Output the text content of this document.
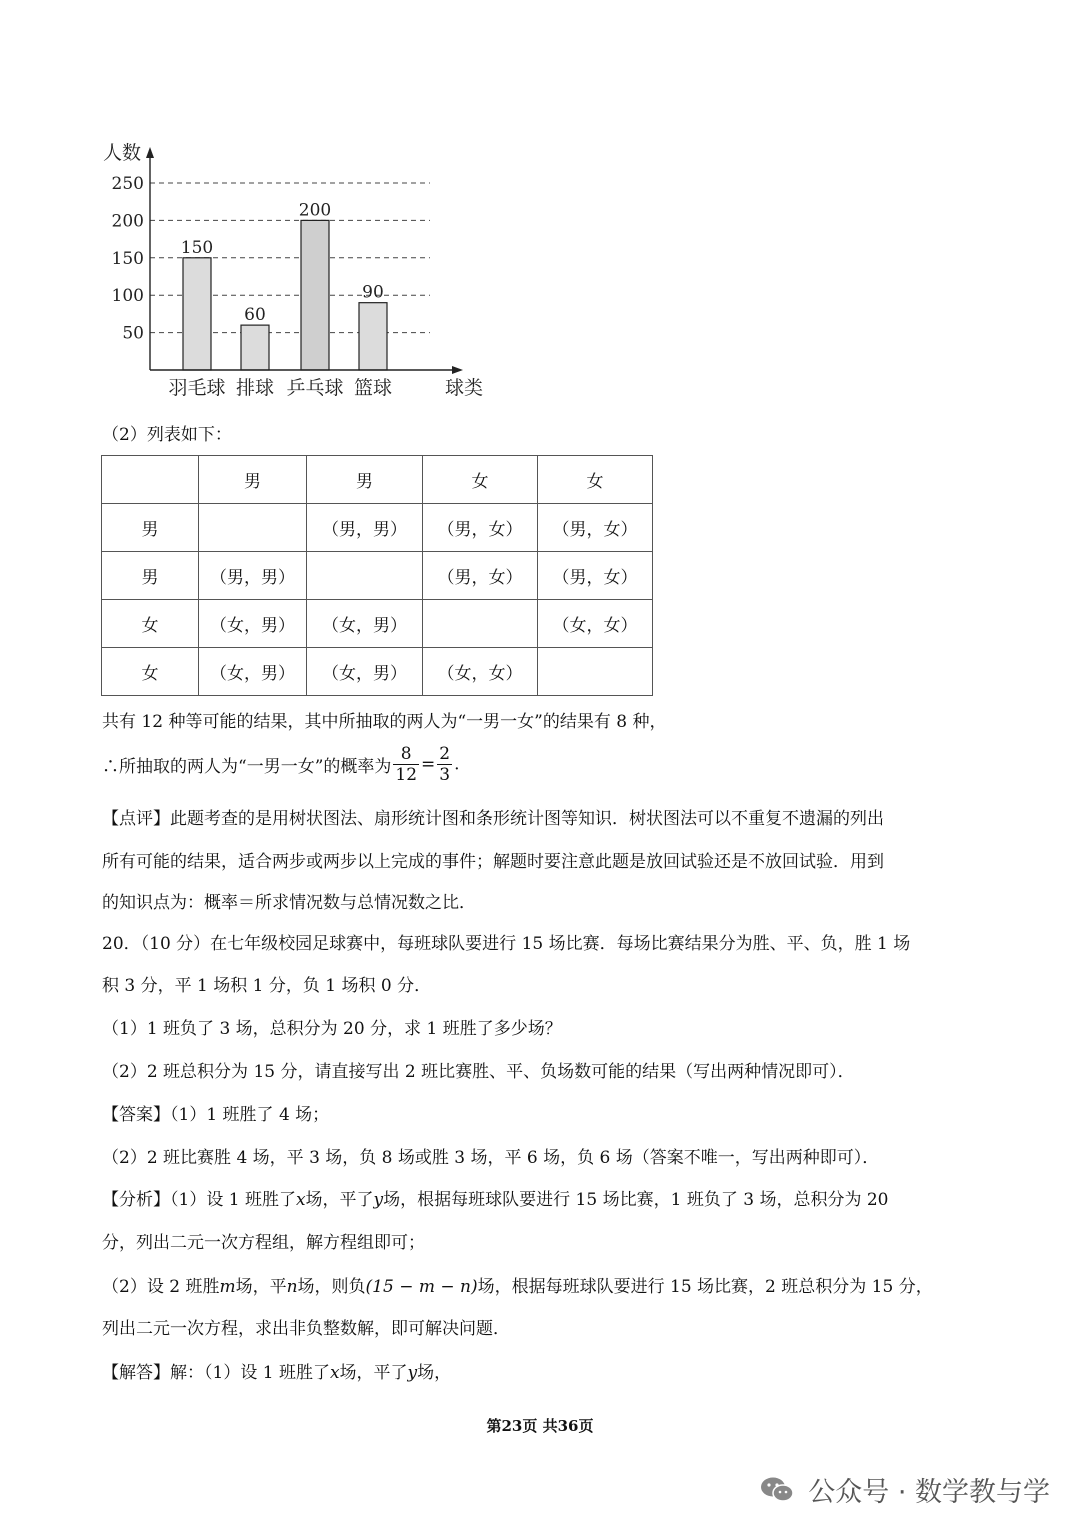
50
100
150
200
250
150
60
200
90
羽毛球 排球 乒乓球 篮球
人数
球类
（2）列表如下：
	男	男	女	女
男		（男，男）	（男，女）	（男，女）
男	（男，男）		（男，女）	（男，女）
女	（女，男）	（女，男）		（女，女）
女	（女，男）	（女，男）	（女，女）	
共有 12 种等可能的结果，其中所抽取的两人为“一男一女”的结果有 8 种，
∴所抽取的两人为“一男一女”的概率为 $\frac{8}{12} = \frac{2}{3}$ .
【点评】此题考查的是用树状图法、扇形统计图和条形统计图等知识．树状图法可以不重复不遗漏的列出
所有可能的结果，适合两步或两步以上完成的事件；解题时要注意此题是放回试验还是不放回试验．用到
的知识点为：概率＝所求情况数与总情况数之比．
20．（10 分）在七年级校园足球赛中，每班球队要进行 15 场比赛．每场比赛结果分为胜、平、负，胜 1 场
积 3 分，平 1 场积 1 分，负 1 场积 0 分．
（1）1 班负了 3 场，总积分为 20 分，求 1 班胜了多少场？
（2）2 班总积分为 15 分，请直接写出 2 班比赛胜、平、负场数可能的结果（写出两种情况即可）．
【答案】（1）1 班胜了 4 场；
（2）2 班比赛胜 4 场，平 3 场，负 8 场或胜 3 场，平 6 场，负 6 场（答案不唯一，写出两种即可）．
【分析】（1）设 1 班胜了x场，平了y场，根据每班球队要进行 15 场比赛，1 班负了 3 场，总积分为 20
分，列出二元一次方程组，解方程组即可；
（2）设 2 班胜m场，平n场，则负(15 − m − n)场，根据每班球队要进行 15 场比赛，2 班总积分为 15 分，
列出二元一次方程，求出非负整数解，即可解决问题．
【解答】解：（1）设 1 班胜了x场，平了y场，
第23页 共36页
公众号 · 数学教与学
